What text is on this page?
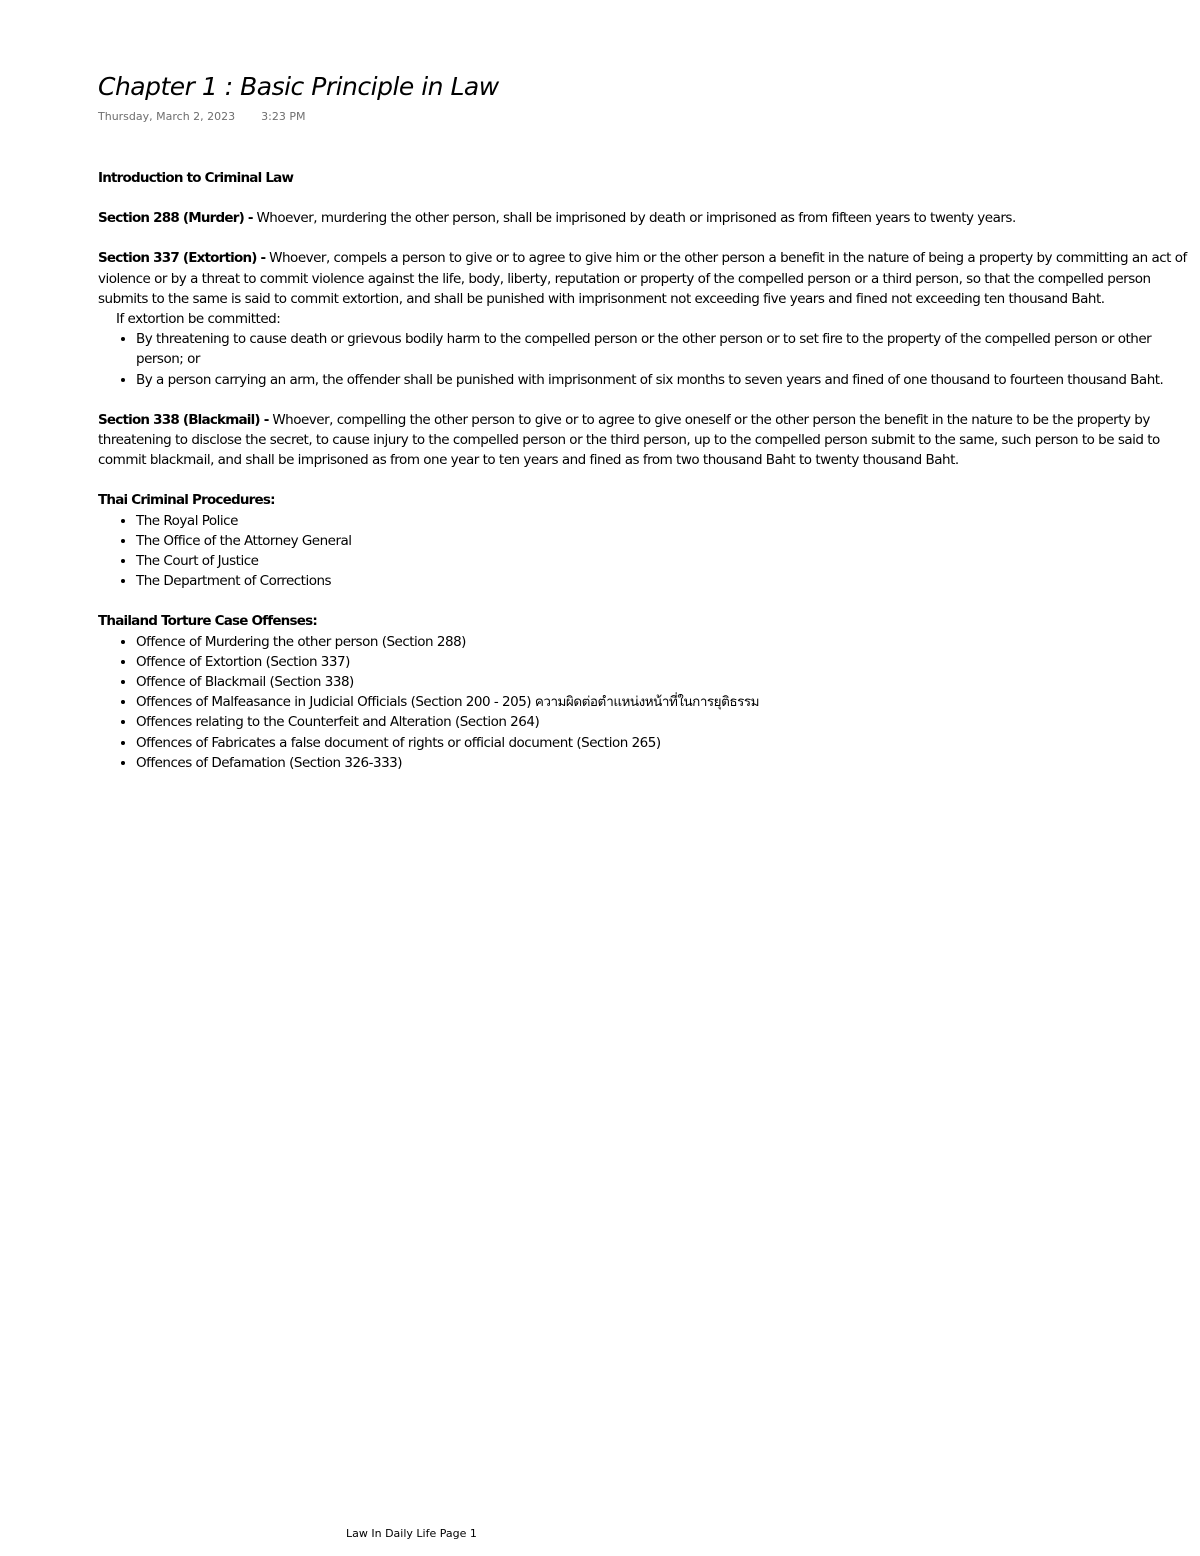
Chapter 1 : Basic Principle in Law
Thursday, March 2, 2023 3:23 PM

Introduction to Criminal Law

Section 288 (Murder) - Whoever, murdering the other person, shall be imprisoned by death or imprisoned as from fifteen years to twenty years.

Section 337 (Extortion) - Whoever, compels a person to give or to agree to give him or the other person a benefit in the nature of being a property by committing an act of violence or by a threat to commit violence against the life, body, liberty, reputation or property of the compelled person or a third person, so that the compelled person submits to the same is said to commit extortion, and shall be punished with imprisonment not exceeding five years and fined not exceeding ten thousand Baht.

If extortion be committed:

• By threatening to cause death or grievous bodily harm to the compelled person or the other person or to set fire to the property of the compelled person or other person; or
• By a person carrying an arm, the offender shall be punished with imprisonment of six months to seven years and fined of one thousand to fourteen thousand Baht.

Section 338 (Blackmail) - Whoever, compelling the other person to give or to agree to give oneself or the other person the benefit in the nature to be the property by threatening to disclose the secret, to cause injury to the compelled person or the third person, up to the compelled person submit to the same, such person to be said to commit blackmail, and shall be imprisoned as from one year to ten years and fined as from two thousand Baht to twenty thousand Baht.

Thai Criminal Procedures:

• The Royal Police
• The Office of the Attorney General
• The Court of Justice
• The Department of Corrections

Thailand Torture Case Offenses:

• Offence of Murdering the other person (Section 288)
• Offence of Extortion (Section 337)
• Offence of Blackmail (Section 338)
• Offences of Malfeasance in Judicial Officials (Section 200 - 205) ความผิดต่อตำแหน่งหน้าที่ในการยุติธรรม
• Offences relating to the Counterfeit and Alteration (Section 264)
• Offences of Fabricates a false document of rights or official document (Section 265)
• Offences of Defamation (Section 326-333)
Law In Daily Life Page 1
